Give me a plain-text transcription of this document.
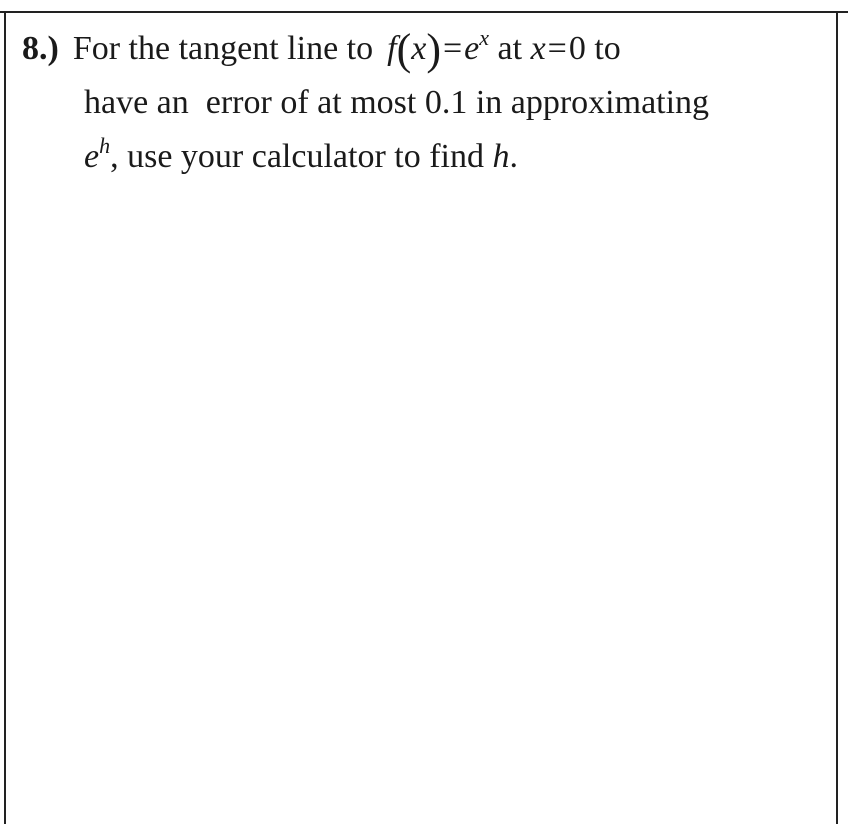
8.) For the tangent line to $f(x)=e^x$ at x=0 to
have an  error of at most 0.1 in approximating
$e^h$, use your calculator to find h.
